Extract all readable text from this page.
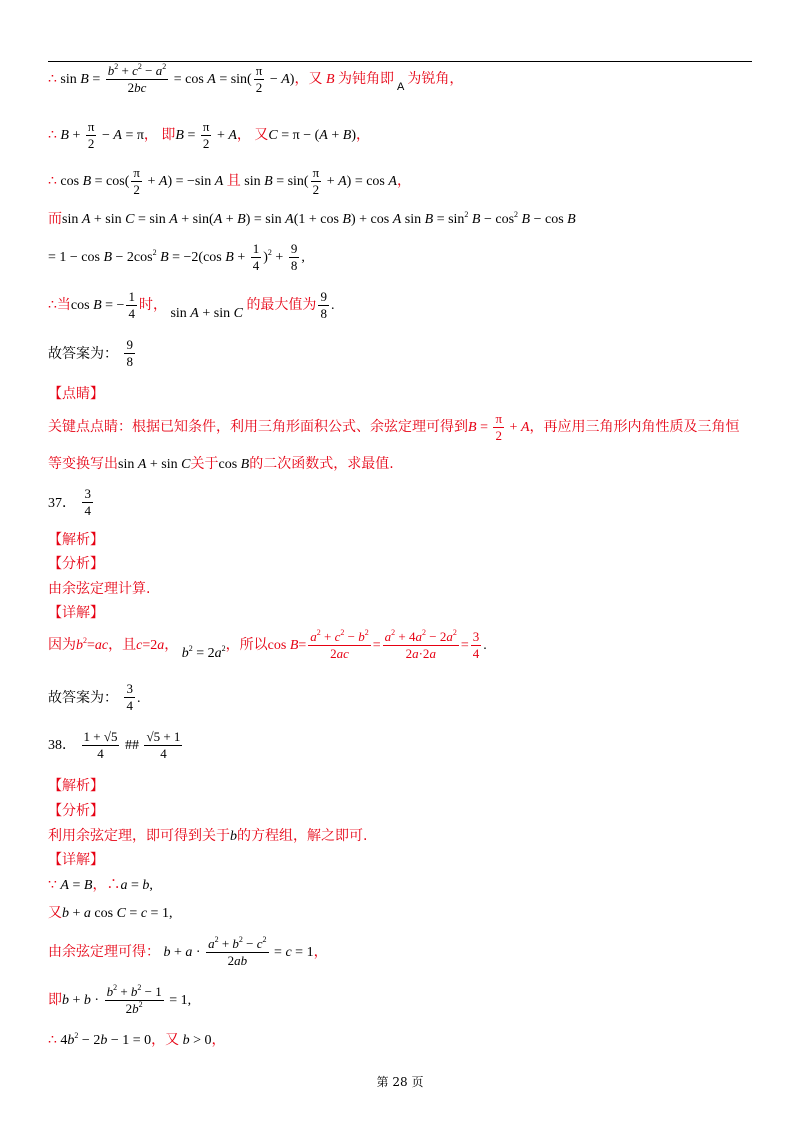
∴ $\sin B = \frac{b^2 + c^2 - a^2}{2bc} = \cos A = \sin( \frac{\pi}{2} - A)$，又 B 为钝角即 $_A$ 为锐角，
∴ $B + \frac{\pi}{2} - A = \pi$， 即$B = \frac{\pi}{2} + A$， 又C = π − (A + B)，
∴ $\cos B = \cos( \frac{\pi}{2} + A) = -\sin$ A 且 $\sin B = \sin( \frac{\pi}{2} + A) = \cos A$，
而sin A + sin C = sin A + sin(A + B) = sin A(1 + cos B) + cos A $\sin B = \sin^2 B - \cos^2 B - \cos B$
= $1 - \cos B - 2\cos^2$ B = −2(cos $B + \frac{1}{4} )^2 + \frac{9}{8}$ ,
∴当cos B = − $\frac{1}{4}$ 时， sin A + sin C 的最大值为 $\frac{9}{8}$ .
故答案为： $\frac{9}{8}$
【点睛】
关键点点睛：根据已知条件，利用三角形面积公式、余弦定理可得到$B = \frac{\pi}{2} + A$，再应用三角形内角性质及三角恒
等变换写出sin A + sin C关于cos B的二次函数式，求最值.
37． $\frac{3}{4}$
【解析】
【分析】
由余弦定理计算.
【详解】
因为$b^2=ac$，且c=2a， $b^2 = 2a^2$，所以$\cos B= \frac{a^2 + c^2 - b^2}{2ac} = \frac{a^2 + 4a^2 - 2a^2}{2a\cdot 2a} = \frac{3}{4}$ .
故答案为： $\frac{3}{4}$ .
38． $\frac{1 + √5}{4}$ ## $\frac{√5 + 1}{4}$
【解析】
【分析】
利用余弦定理，即可得到关于b的方程组，解之即可.
【详解】
∵ A = B，∴a = b,
又b + a cos C = c = 1,
由余弦定理可得： $b + a \cdot \frac{a^2 + b^2 - c^2}{2ab} = c = 1$，
即$b + b \cdot \frac{b^2 + b^2 - 1}{2b^2} = 1$,
∴ $4b^2 - 2b - 1 = 0$，又 b > 0，
第 28 页
